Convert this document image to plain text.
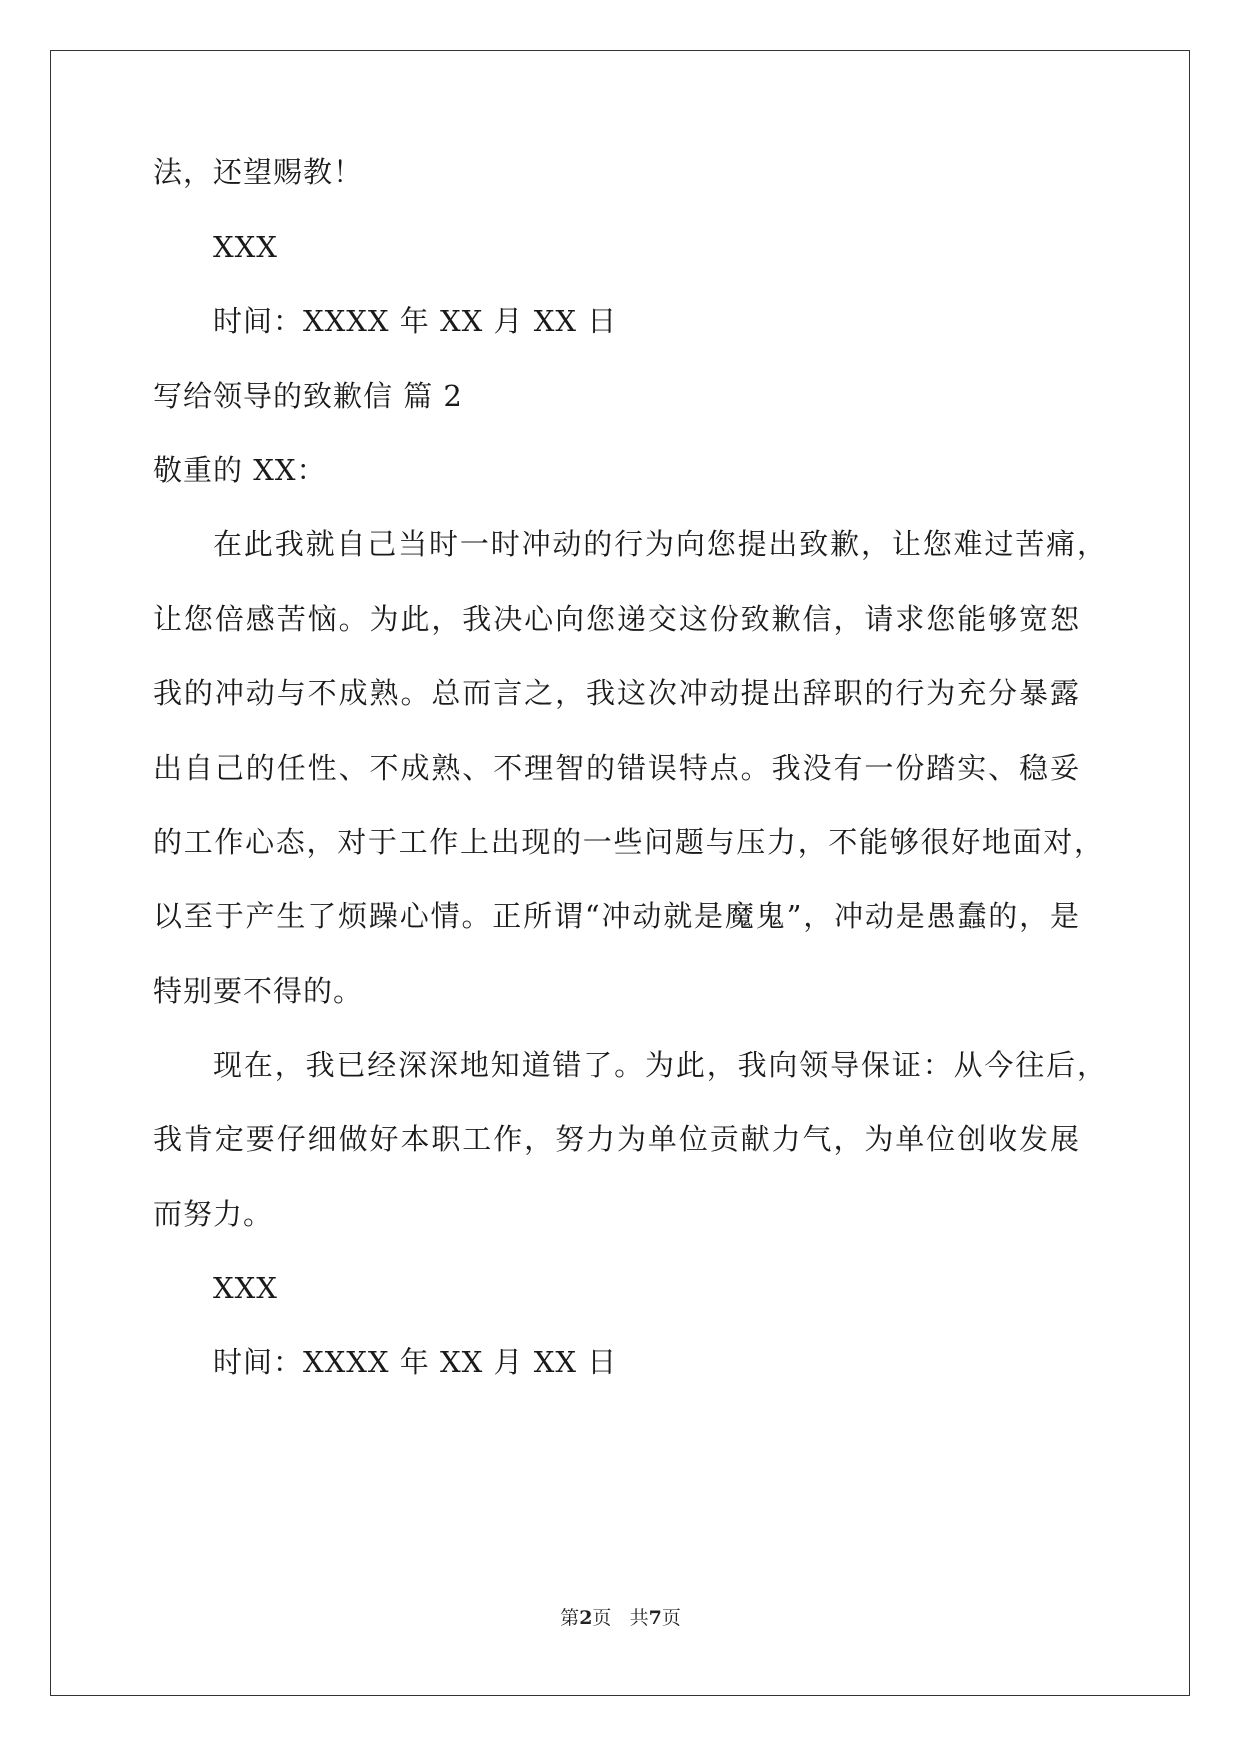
法，还望赐教！
XXX
时间：XXXX 年 XX 月 XX 日
写给领导的致歉信 篇 2
敬重的 XX：
在此我就自己当时一时冲动的行为向您提出致歉，让您难过苦痛，
让您倍感苦恼。为此，我决心向您递交这份致歉信，请求您能够宽恕
我的冲动与不成熟。总而言之，我这次冲动提出辞职的行为充分暴露
出自己的任性、不成熟、不理智的错误特点。我没有一份踏实、稳妥
的工作心态，对于工作上出现的一些问题与压力，不能够很好地面对，
以至于产生了烦躁心情。正所谓“冲动就是魔鬼”，冲动是愚蠢的，是
特别要不得的。
现在，我已经深深地知道错了。为此，我向领导保证：从今往后，
我肯定要仔细做好本职工作，努力为单位贡献力气，为单位创收发展
而努力。
XXX
时间：XXXX 年 XX 月 XX 日
第2页 共7页
